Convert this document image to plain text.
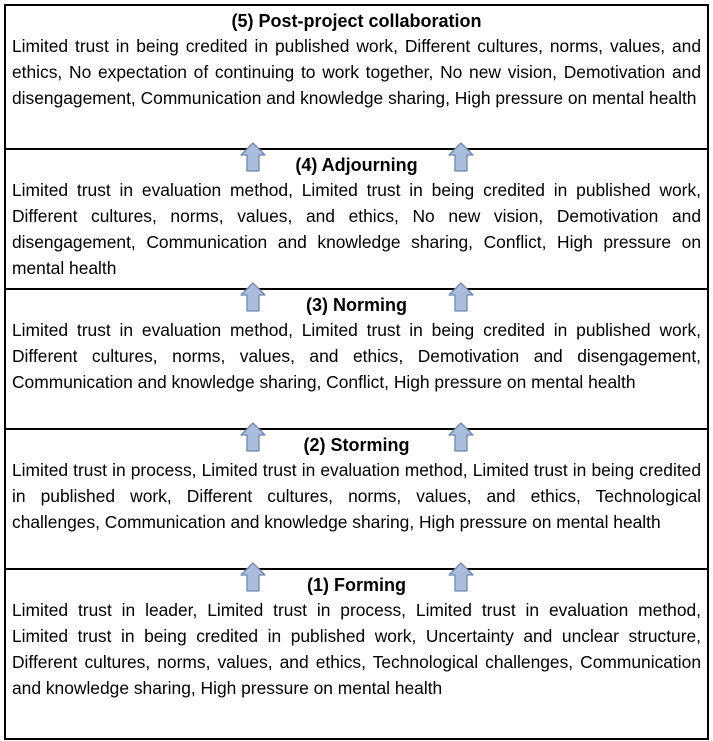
(5) Post-project collaboration
Limited trust in being credited in published work, Different cultures, norms, values, and ethics, No expectation of continuing to work together, No new vision, Demotivation and disengagement, Communication and knowledge sharing, High pressure on mental health
(4) Adjourning
Limited trust in evaluation method, Limited trust in being credited in published work, Different cultures, norms, values, and ethics, No new vision, Demotivation and disengagement, Communication and knowledge sharing, Conflict, High pressure on mental health
(3) Norming
Limited trust in evaluation method, Limited trust in being credited in published work, Different cultures, norms, values, and ethics, Demotivation and disengagement, Communication and knowledge sharing, Conflict, High pressure on mental health
(2) Storming
Limited trust in process, Limited trust in evaluation method, Limited trust in being credited in published work, Different cultures, norms, values, and ethics, Technological challenges, Communication and knowledge sharing, High pressure on mental health
(1) Forming
Limited trust in leader, Limited trust in process, Limited trust in evaluation method, Limited trust in being credited in published work, Uncertainty and unclear structure, Different cultures, norms, values, and ethics, Technological challenges, Communication and knowledge sharing, High pressure on mental health
